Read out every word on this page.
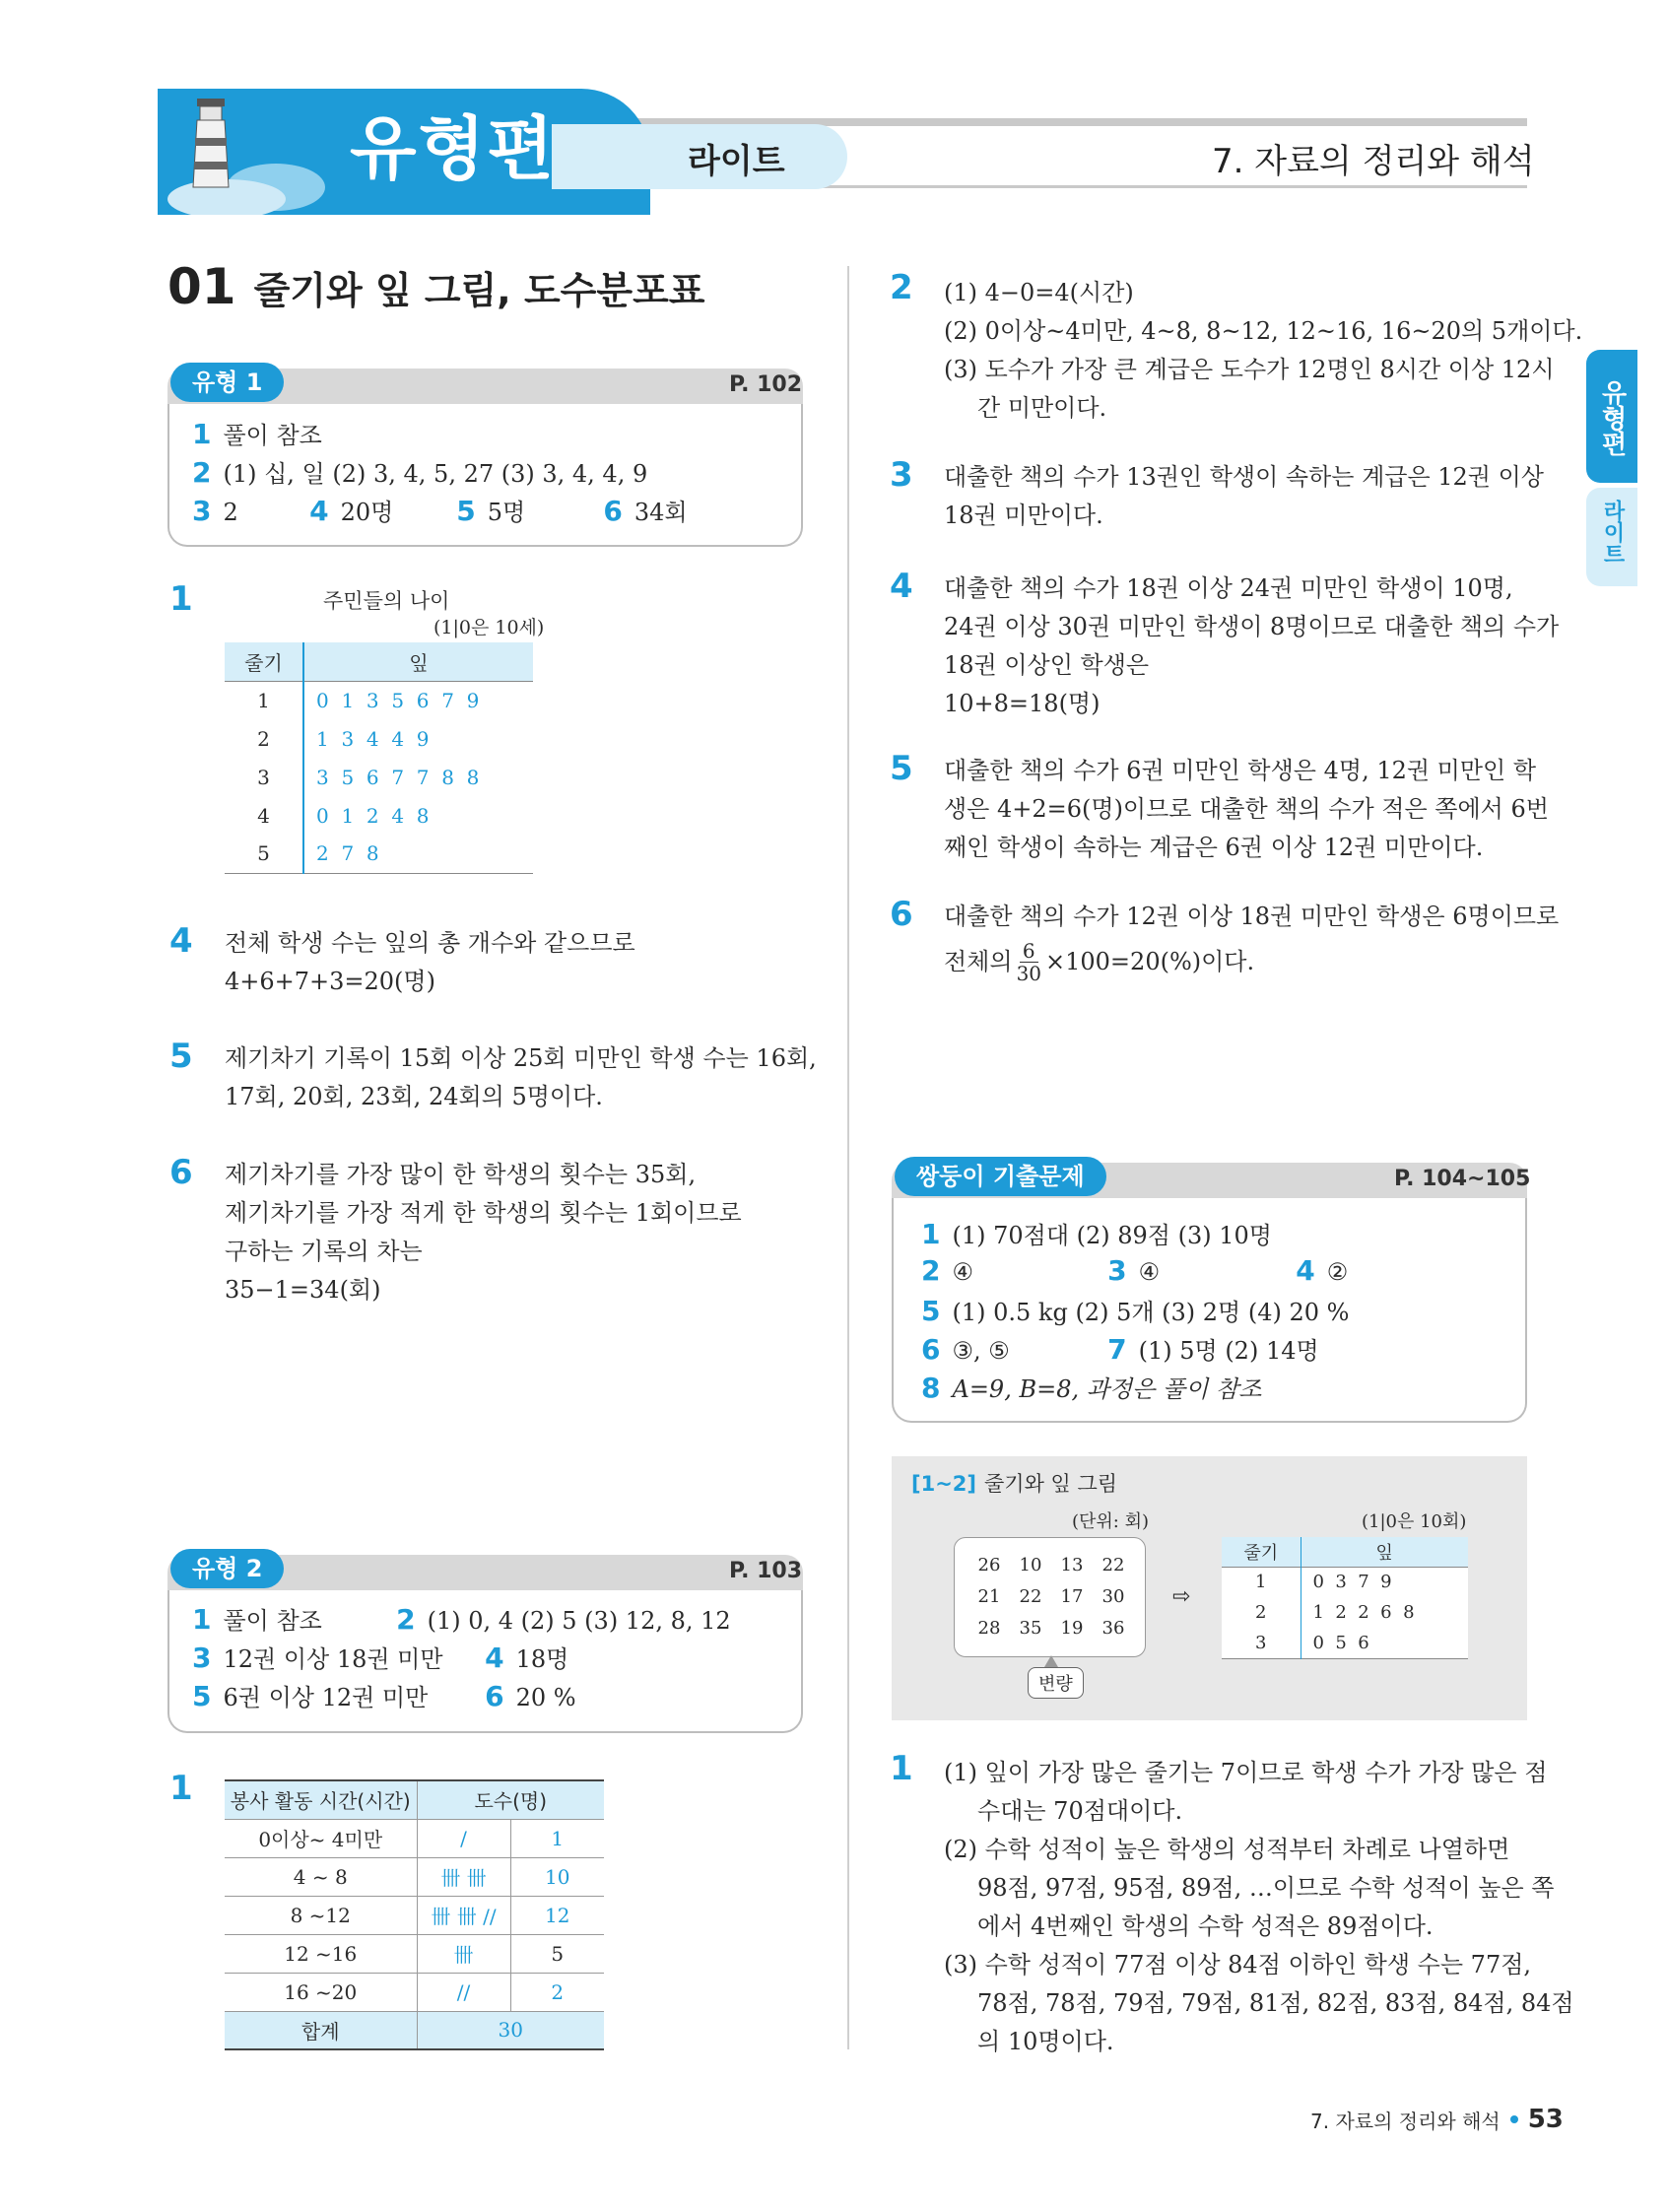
유형편	라이트	7. 자료의 정리와 해석
유형편
라이트
01 줄기와 잎 그림, 도수분포표
유형 1	P. 102
1 풀이 참조
2 (1) 십, 일 (2) 3, 4, 5, 27 (3) 3, 4, 4, 9
3 2	4 20명 5 5명	6 34회
1	주민들의 나이
(1|0은 10세)
줄기	잎
1	0  1  3  5  6  7  9
2	1  3  4  4  9
3	3  5  6  7  7  8  8
4	0  1  2  4  8
5	2  7  8
4 전체 학생 수는 잎의 총 개수와 같으므로
4+6+7+3=20(명)
5 제기차기 기록이 15회 이상 25회 미만인 학생 수는 16회,
17회, 20회, 23회, 24회의 5명이다.
6 제기차기를 가장 많이 한 학생의 횟수는 35회,
제기차기를 가장 적게 한 학생의 횟수는 1회이므로
구하는 기록의 차는
35−1=34(회)
유형 2	P. 103
1 풀이 참조	2 (1) 0, 4 (2) 5 (3) 12, 8, 12
3 12권 이상 18권 미만 4 18명
5 6권 이상 12권 미만 6 20 %
1 봉사 활동 시간(시간)	도수(명)	
0이상~ 4미만	/	1
4 ~ 8	卌 卌	10
8 ~12	卌 卌 //	12
12 ~16	卌	5
16 ~20	//	2
합계	30	
2 (1) 4−0=4(시간)
(2) 0이상~4미만, 4~8, 8~12, 12~16, 16~20의 5개이다.
(3) 도수가 가장 큰 계급은 도수가 12명인 8시간 이상 12시
간 미만이다.
3 대출한 책의 수가 13권인 학생이 속하는 계급은 12권 이상
18권 미만이다.
4 대출한 책의 수가 18권 이상 24권 미만인 학생이 10명,
24권 이상 30권 미만인 학생이 8명이므로 대출한 책의 수가
18권 이상인 학생은
10+8=18(명)
5 대출한 책의 수가 6권 미만인 학생은 4명, 12권 미만인 학
생은 4+2=6(명)이므로 대출한 책의 수가 적은 쪽에서 6번
째인 학생이 속하는 계급은 6권 이상 12권 미만이다.
6 대출한 책의 수가 12권 이상 18권 미만인 학생은 6명이므로
전체의 $\frac{6}{30} \times 100=20(\%)$이다.
쌍둥이 기출문제	P. 104~105
1 (1) 70점대 (2) 89점 (3) 10명
2 ④	3 ④	4 ②
5 (1) 0.5 kg (2) 5개 (3) 2명 (4) 20 %
6 ③, ⑤	7 (1) 5명 (2) 14명
8 A=9, B=8, 과정은 풀이 참조
[1~2] 줄기와 잎 그림
(단위: 회)
26	10	13	22
21	22	17	30
28	35	19	36
변량
⇨
(1|0은 10회)
줄기	잎
1	0  3  7  9
2	1  2  2  6  8
3	0  5  6
1 (1) 잎이 가장 많은 줄기는 7이므로 학생 수가 가장 많은 점
수대는 70점대이다.
(2) 수학 성적이 높은 학생의 성적부터 차례로 나열하면
98점, 97점, 95점, 89점, …이므로 수학 성적이 높은 쪽
에서 4번째인 학생의 수학 성적은 89점이다.
(3) 수학 성적이 77점 이상 84점 이하인 학생 수는 77점,
78점, 78점, 79점, 79점, 81점, 82점, 83점, 84점, 84점
의 10명이다.
7. 자료의 정리와 해석 53
